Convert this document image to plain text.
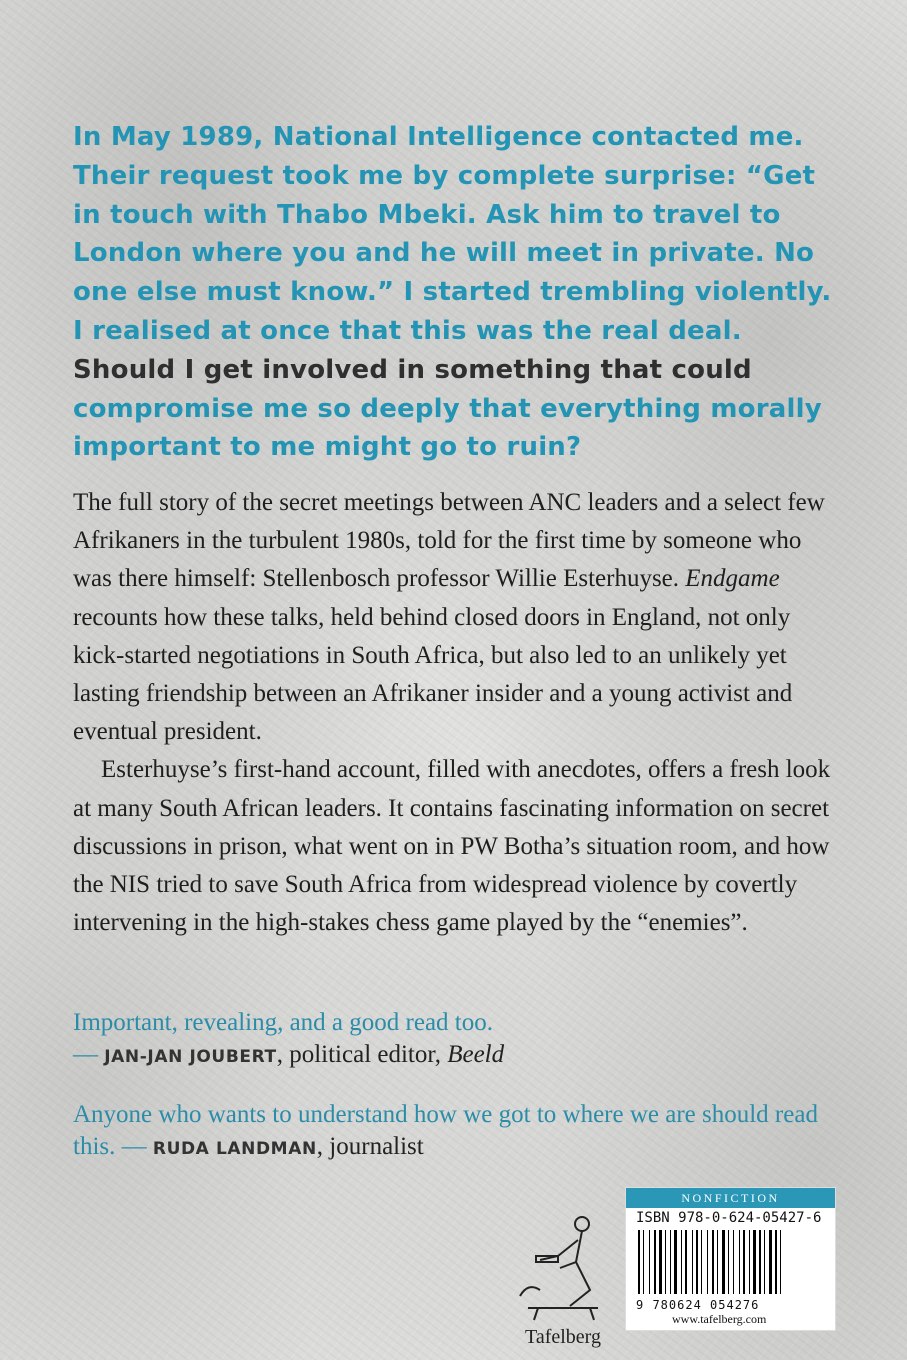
In May 1989, National Intelligence contacted me. Their request took me by complete surprise: “Get in touch with Thabo Mbeki. Ask him to travel to London where you and he will meet in private. No one else must know.” I started trembling violently. I realised at once that this was the real deal. Should I get involved in something that could compromise me so deeply that everything morally important to me might go to ruin?

The full story of the secret meetings between ANC leaders and a select few Afrikaners in the turbulent 1980s, told for the first time by someone who was there himself: Stellenbosch professor Willie Esterhuyse. Endgame recounts how these talks, held behind closed doors in England, not only kick-started negotiations in South Africa, but also led to an unlikely yet lasting friendship between an Afrikaner insider and a young activist and eventual president.

Esterhuyse’s first-hand account, filled with anecdotes, offers a fresh look at many South African leaders. It contains fascinating information on secret discussions in prison, what went on in PW Botha’s situation room, and how the NIS tried to save South Africa from widespread violence by covertly intervening in the high-stakes chess game played by the “enemies”.

Important, revealing, and a good read too.
— JAN-JAN JOUBERT, political editor, Beeld
Anyone who wants to understand how we got to where we are should read this. — RUDA LANDMAN, journalist
Tafelberg
NONFICTION
ISBN 978-0-624-05427-6
9 780624 054276
www.tafelberg.com
